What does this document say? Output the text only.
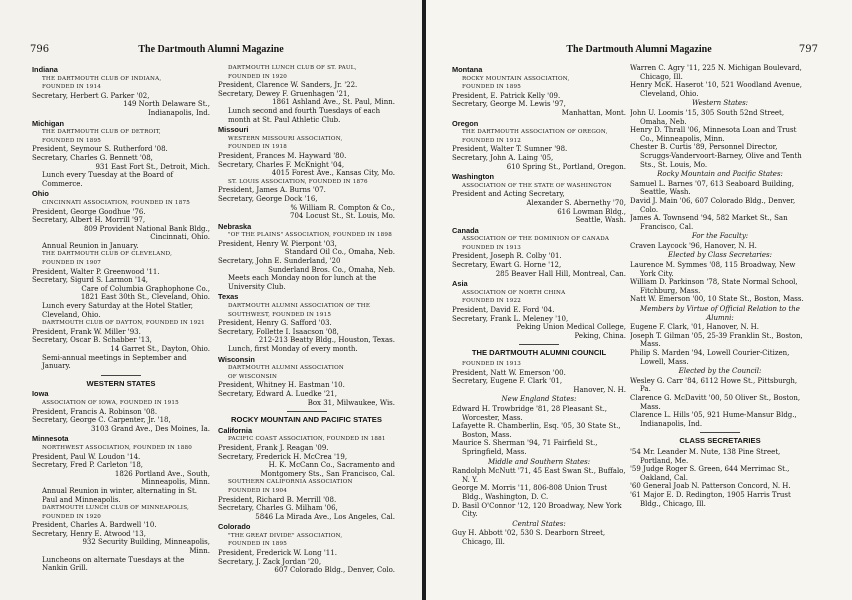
796	The Dartmouth Alumni Magazine	The Dartmouth Alumni Magazine	797
Indiana
THE DARTMOUTH CLUB OF INDIANA,
FOUNDED IN 1914
Secretary, Herbert G. Parker '02,
149 North Delaware St.,
Indianapolis, Ind.
Michigan
THE DARTMOUTH CLUB OF DETROIT,
FOUNDED IN 1895
President, Seymour S. Rutherford '08.
Secretary, Charles G. Bennett '08,
931 East Fort St., Detroit, Mich.
Lunch every Tuesday at the Board of Commerce.
Ohio
CINCINNATI ASSOCIATION, FOUNDED IN 1875
President, George Goodhue '76.
Secretary, Albert H. Morrill '97,
809 Provident National Bank Bldg.,
Cincinnati, Ohio.
Annual Reunion in January.
THE DARTMOUTH CLUB OF CLEVELAND,
FOUNDED IN 1907
President, Walter P. Greenwood '11.
Secretary, Sigurd S. Larmon '14,
Care of Columbia Graphophone Co.,
1821 East 30th St., Cleveland, Ohio.
Lunch every Saturday at the Hotel Statler, Cleveland, Ohio.
DARTMOUTH CLUB OF DAYTON, FOUNDED IN 1921
President, Frank W. Miller '93.
Secretary, Oscar B. Schabber '13,
14 Garret St., Dayton, Ohio.
Semi-annual meetings in September and January.
WESTERN STATES
Iowa
ASSOCIATION OF IOWA, FOUNDED IN 1915
President, Francis A. Robinson '08.
Secretary, George C. Carpenter, Jr. '18,
3103 Grand Ave., Des Moines, Ia.
Minnesota
NORTHWEST ASSOCIATION, FOUNDED IN 1880
President, Paul W. Loudon '14.
Secretary, Fred P. Carleton '18,
1826 Portland Ave., South,
Minneapolis, Minn.
Annual Reunion in winter, alternating in St. Paul and Minneapolis.
DARTMOUTH LUNCH CLUB OF MINNEAPOLIS,
FOUNDED IN 1920
President, Charles A. Bardwell '10.
Secretary, Henry E. Atwood '13,
932 Security Building, Minneapolis, Minn.
Luncheons on alternate Tuesdays at the Nankin Grill.
DARTMOUTH LUNCH CLUB OF ST. PAUL,
FOUNDED IN 1920
President, Clarence W. Sanders, Jr. '22.
Secretary, Dewey F. Gruenhagen '21,
1861 Ashland Ave., St. Paul, Minn.
Lunch second and fourth Tuesdays of each month at St. Paul Athletic Club.
Missouri
WESTERN MISSOURI ASSOCIATION,
FOUNDED IN 1918
President, Frances M. Hayward '80.
Secretary, Charles F. McKnight '04,
4015 Forest Ave., Kansas City, Mo.
ST. LOUIS ASSOCIATION, FOUNDED IN 1876
President, James A. Burns '07.
Secretary, George Dock '16,
% William R. Compton & Co.,
704 Locust St., St. Louis, Mo.
Nebraska
"OF THE PLAINS" ASSOCIATION, FOUNDED IN 1898
President, Henry W. Pierpont '03,
Standard Oil Co., Omaha, Neb.
Secretary, John E. Sunderland, '20
Sunderland Bros. Co., Omaha, Neb.
Meets each Monday noon for lunch at the University Club.
Texas
DARTMOUTH ALUMNI ASSOCIATION OF THE
SOUTHWEST, FOUNDED IN 1915
President, Henry G. Safford '03.
Secretary, Follette I. Isaacson '08,
212-213 Beatty Bldg., Houston, Texas.
Lunch, first Monday of every month.
Wisconsin
DARTMOUTH ALUMNI ASSOCIATION
OF WISCONSIN
President, Whitney H. Eastman '10.
Secretary, Edward A. Luedke '21,
Box 31, Milwaukee, Wis.
ROCKY MOUNTAIN AND PACIFIC STATES
California
PACIFIC COAST ASSOCIATION, FOUNDED IN 1881
President, Frank J. Reagan '09.
Secretary, Frederick H. McCrea '19,
H. K. McCann Co., Sacramento and Montgomery Sts., San Francisco, Cal.
SOUTHERN CALIFORNIA ASSOCIATION
FOUNDED IN 1904
President, Richard B. Merrill '08.
Secretary, Charles G. Milham '06,
5846 La Mirada Ave., Los Angeles, Cal.
Colorado
"THE GREAT DIVIDE" ASSOCIATION,
FOUNDED IN 1895
President, Frederick W. Long '11.
Secretary, J. Zack Jordan '20,
607 Colorado Bldg., Denver, Colo.
Montana
ROCKY MOUNTAIN ASSOCIATION,
FOUNDED IN 1895
President, E. Patrick Kelly '09.
Secretary, George M. Lewis '97,
Manhattan, Mont.
Oregon
THE DARTMOUTH ASSOCIATION OF OREGON,
FOUNDED IN 1912
President, Walter T. Sumner '98.
Secretary, John A. Laing '05,
610 Spring St., Portland, Oregon.
Washington
ASSOCIATION OF THE STATE OF WASHINGTON
President and Acting Secretary,
Alexander S. Abernethy '70,
616 Lowman Bldg.,
Seattle, Wash.
Canada
ASSOCIATION OF THE DOMINION OF CANADA
FOUNDED IN 1913
President, Joseph R. Colby '01.
Secretary, Ewart G. Horne '12,
285 Beaver Hall Hill, Montreal, Can.
Asia
ASSOCIATION OF NORTH CHINA
FOUNDED IN 1922
President, David E. Ford '04.
Secretary, Frank L. Meleney '10,
Peking Union Medical College,
Peking, China.
THE DARTMOUTH ALUMNI COUNCIL
FOUNDED IN 1913
President, Natt W. Emerson '00.
Secretary, Eugene F. Clark '01,
Hanover, N. H.
New England States:
Edward H. Trowbridge '81, 28 Pleasant St., Worcester, Mass.
Lafayette R. Chamberlin, Esq. '05, 30 State St., Boston, Mass.
Maurice S. Sherman '94, 71 Fairfield St., Springfield, Mass.
Middle and Southern States:
Randolph McNutt '71, 45 East Swan St., Buffalo, N. Y.
George M. Morris '11, 806-808 Union Trust Bldg., Washington, D. C.
D. Basil O'Connor '12, 120 Broadway, New York City.
Central States:
Guy H. Abbott '02, 530 S. Dearborn Street, Chicago, Ill.
Warren C. Agry '11, 225 N. Michigan Boulevard, Chicago, Ill.
Henry McK. Haserot '10, 521 Woodland Avenue, Cleveland, Ohio.
Western States:
John U. Loomis '15, 305 South 52nd Street, Omaha, Neb.
Henry D. Thrall '06, Minnesota Loan and Trust Co., Minneapolis, Minn.
Chester B. Curtis '89, Personnel Director, Scruggs-Vandervoort-Barney, Olive and Tenth Sts., St. Louis, Mo.
Rocky Mountain and Pacific States:
Samuel L. Barnes '07, 613 Seaboard Building, Seattle, Wash.
David J. Main '06, 607 Colorado Bldg., Denver, Colo.
James A. Townsend '94, 582 Market St., San Francisco, Cal.
For the Faculty:
Craven Laycock '96, Hanover, N. H.
Elected by Class Secretaries:
Laurence M. Symmes '08, 115 Broadway, New York City.
William D. Parkinson '78, State Normal School, Fitchburg, Mass.
Natt W. Emerson '00, 10 State St., Boston, Mass.
Members by Virtue of Official Relation to the Alumni:
Eugene F. Clark, '01, Hanover, N. H.
Joseph T. Gilman '05, 25-39 Franklin St., Boston, Mass.
Philip S. Marden '94, Lowell Courier-Citizen, Lowell, Mass.
Elected by the Council:
Wesley G. Carr '84, 6112 Howe St., Pittsburgh, Pa.
Clarence G. McDavitt '00, 50 Oliver St., Boston, Mass.
Clarence L. Hills '05, 921 Hume-Mansur Bldg., Indianapolis, Ind.
CLASS SECRETARIES
'54 Mr. Leander M. Nute, 138 Pine Street, Portland, Me.
'59 Judge Roger S. Green, 644 Merrimac St., Oakland, Cal.
'60 General Joab N. Patterson Concord, N. H.
'61 Major E. D. Redington, 1905 Harris Trust Bldg., Chicago, Ill.
